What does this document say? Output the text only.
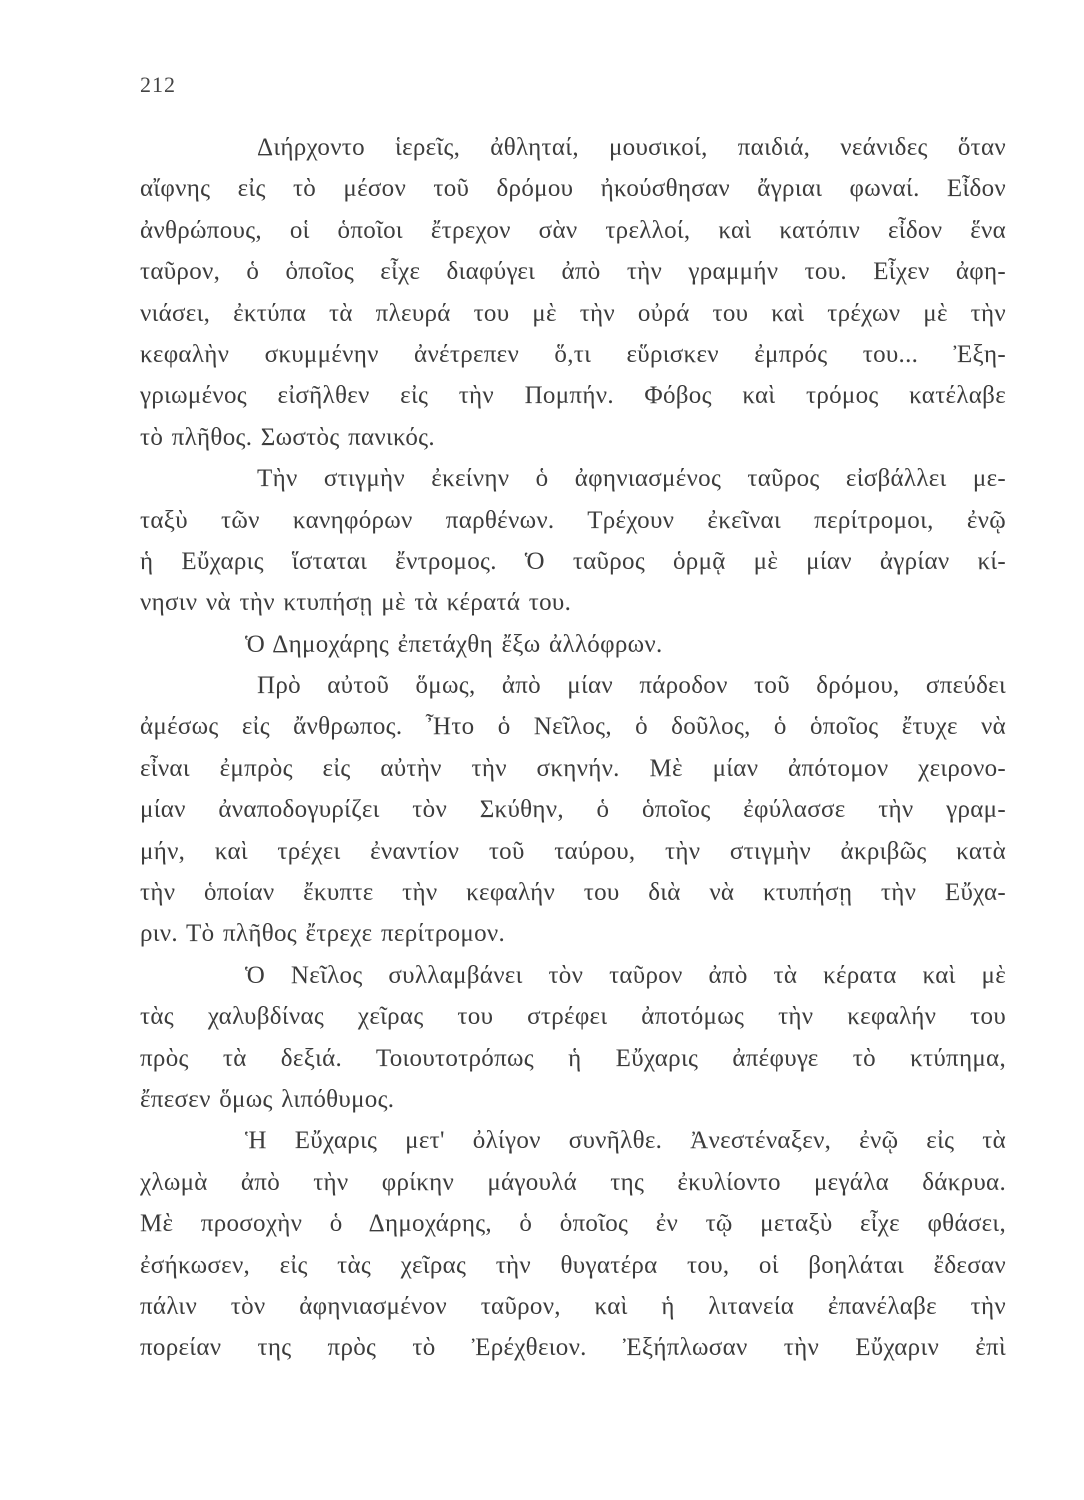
212
Διήρχοντο ἱερεῖς, ἀθληταί, μουσικοί, παιδιά, νεάνιδες ὅταν
αἴφνης εἰς τὸ μέσον τοῦ δρόμου ἠκούσθησαν ἄγριαι φωναί. Εἶδον
ἀνθρώπους, οἱ ὁποῖοι ἔτρεχον σὰν τρελλοί, καὶ κατόπιν εἶδον ἕνα
ταῦρον, ὁ ὁποῖος εἶχε διαφύγει ἀπὸ τὴν γραμμήν του. Εἶχεν ἀφη-
νιάσει, ἐκτύπα τὰ πλευρά του μὲ τὴν οὐρά του καὶ τρέχων μὲ τὴν
κεφαλὴν σκυμμένην ἀνέτρεπεν ὅ,τι εὕρισκεν ἐμπρός του... Ἐξη-
γριωμένος εἰσῆλθεν εἰς τὴν Πομπήν. Φόβος καὶ τρόμος κατέλαβε
τὸ πλῆθος. Σωστὸς πανικός.
Τὴν στιγμὴν ἐκείνην ὁ ἀφηνιασμένος ταῦρος εἰσβάλλει με-
ταξὺ τῶν κανηφόρων παρθένων. Τρέχουν ἐκεῖναι περίτρομοι, ἐνῷ
ἡ Εὔχαρις ἵσταται ἔντρομος. Ὁ ταῦρος ὁρμᾷ μὲ μίαν ἀγρίαν κί-
νησιν νὰ τὴν κτυπήσῃ μὲ τὰ κέρατά του.
Ὁ Δημοχάρης ἐπετάχθη ἔξω ἀλλόφρων.
Πρὸ αὐτοῦ ὅμως, ἀπὸ μίαν πάροδον τοῦ δρόμου, σπεύδει
ἀμέσως εἰς ἄνθρωπος. Ἦτο ὁ Νεῖλος, ὁ δοῦλος, ὁ ὁποῖος ἔτυχε νὰ
εἶναι ἐμπρὸς εἰς αὐτὴν τὴν σκηνήν. Μὲ μίαν ἀπότομον χειρονο-
μίαν ἀναποδογυρίζει τὸν Σκύθην, ὁ ὁποῖος ἐφύλασσε τὴν γραμ-
μήν, καὶ τρέχει ἐναντίον τοῦ ταύρου, τὴν στιγμὴν ἀκριβῶς κατὰ
τὴν ὁποίαν ἔκυπτε τὴν κεφαλήν του διὰ νὰ κτυπήσῃ τὴν Εὔχα-
ριν. Τὸ πλῆθος ἔτρεχε περίτρομον.
Ὁ Νεῖλος συλλαμβάνει τὸν ταῦρον ἀπὸ τὰ κέρατα καὶ μὲ
τὰς χαλυβδίνας χεῖρας του στρέφει ἀποτόμως τὴν κεφαλήν του
πρὸς τὰ δεξιά. Τοιουτοτρόπως ἡ Εὔχαρις ἀπέφυγε τὸ κτύπημα,
ἔπεσεν ὅμως λιπόθυμος.
Ἡ Εὔχαρις μετ' ὀλίγον συνῆλθε. Ἀνεστέναξεν, ἐνῷ εἰς τὰ
χλωμὰ ἀπὸ τὴν φρίκην μάγουλά της ἐκυλίοντο μεγάλα δάκρυα.
Μὲ προσοχὴν ὁ Δημοχάρης, ὁ ὁποῖος ἐν τῷ μεταξὺ εἶχε φθάσει,
ἐσήκωσεν, εἰς τὰς χεῖρας τὴν θυγατέρα του, οἱ βοηλάται ἔδεσαν
πάλιν τὸν ἀφηνιασμένον ταῦρον, καὶ ἡ λιτανεία ἐπανέλαβε τὴν
πορείαν της πρὸς τὸ Ἐρέχθειον. Ἐξήπλωσαν τὴν Εὔχαριν ἐπὶ
